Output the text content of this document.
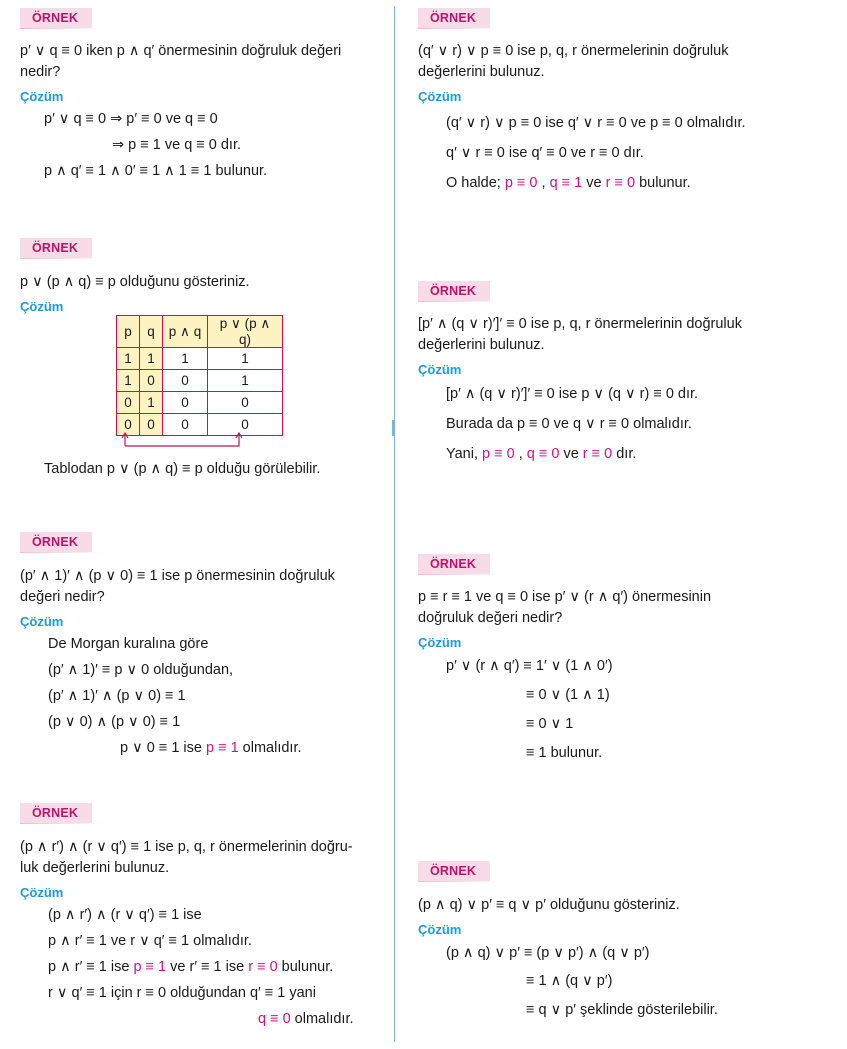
ÖRNEK
p′ ∨ q ≡ 0 iken p ∧ q′ önermesinin doğruluk değeri
nedir?
Çözüm
p′ ∨ q ≡ 0 ⇒ p′ ≡ 0 ve q ≡ 0
⇒ p ≡ 1 ve q ≡ 0 dır.
p ∧ q′ ≡ 1 ∧ 0′ ≡ 1 ∧ 1 ≡ 1 bulunur.
ÖRNEK
p ∨ (p ∧ q) ≡ p olduğunu gösteriniz.
Çözüm
p	q	p ∧ q	p ∨ (p ∧ q)
1	1	1	1
1	0	0	1
0	1	0	0
0	0	0	0
Tablodan p ∨ (p ∧ q) ≡ p olduğu görülebilir.
ÖRNEK
(p′ ∧ 1)′ ∧ (p ∨ 0) ≡ 1 ise p önermesinin doğruluk
değeri nedir?
Çözüm
De Morgan kuralına göre
(p′ ∧ 1)′ ≡ p ∨ 0 olduğundan,
(p′ ∧ 1)′ ∧ (p ∨ 0) ≡ 1
(p ∨ 0) ∧ (p ∨ 0) ≡ 1
p ∨ 0 ≡ 1 ise p ≡ 1 olmalıdır.
ÖRNEK
(p ∧ r′) ∧ (r ∨ q′) ≡ 1 ise p, q, r önermelerinin doğru-
luk değerlerini bulunuz.
Çözüm
(p ∧ r′) ∧ (r ∨ q′) ≡ 1 ise
p ∧ r′ ≡ 1 ve r ∨ q′ ≡ 1 olmalıdır.
p ∧ r′ ≡ 1 ise p ≡ 1 ve r′ ≡ 1 ise r ≡ 0 bulunur.
r ∨ q′ ≡ 1 için r ≡ 0 olduğundan q′ ≡ 1 yani
q ≡ 0 olmalıdır.
ÖRNEK
(q′ ∨ r) ∨ p ≡ 0 ise p, q, r önermelerinin doğruluk
değerlerini bulunuz.
Çözüm
(q′ ∨ r) ∨ p ≡ 0 ise q′ ∨ r ≡ 0 ve p ≡ 0 olmalıdır.
q′ ∨ r ≡ 0 ise q′ ≡ 0 ve r ≡ 0 dır.
O halde; p ≡ 0 , q ≡ 1 ve r ≡ 0 bulunur.
ÖRNEK
[p′ ∧ (q ∨ r)′]′ ≡ 0 ise p, q, r önermelerinin doğruluk
değerlerini bulunuz.
Çözüm
[p′ ∧ (q ∨ r)′]′ ≡ 0 ise p ∨ (q ∨ r) ≡ 0 dır.
Burada da p ≡ 0 ve q ∨ r ≡ 0 olmalıdır.
Yani, p ≡ 0 , q ≡ 0 ve r ≡ 0 dır.
ÖRNEK
p ≡ r ≡ 1 ve q ≡ 0 ise p′ ∨ (r ∧ q′) önermesinin
doğruluk değeri nedir?
Çözüm
p′ ∨ (r ∧ q′) ≡ 1′ ∨ (1 ∧ 0′)
≡ 0 ∨ (1 ∧ 1)
≡ 0 ∨ 1
≡ 1 bulunur.
ÖRNEK
(p ∧ q) ∨ p′ ≡ q ∨ p′ olduğunu gösteriniz.
Çözüm
(p ∧ q) ∨ p′ ≡ (p ∨ p′) ∧ (q ∨ p′)
≡ 1 ∧ (q ∨ p′)
≡ q ∨ p′ şeklinde gösterilebilir.
